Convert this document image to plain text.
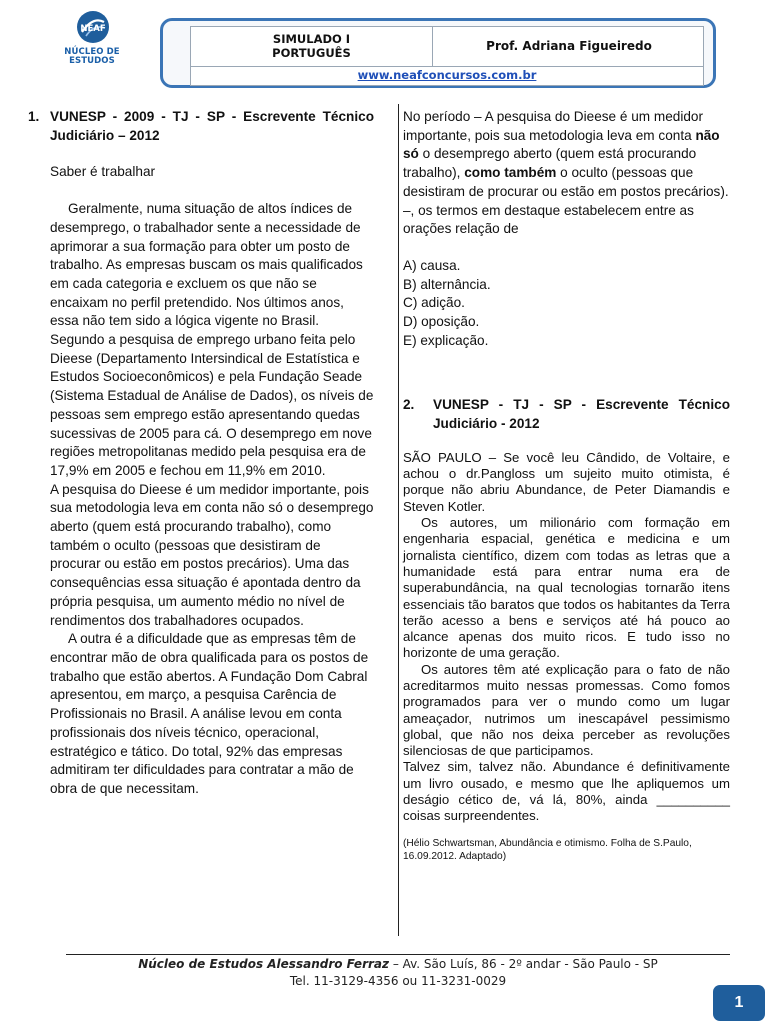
NEAF
NÚCLEO DE
ESTUDOS
SIMULADO I
PORTUGUÊS	Prof. Adriana Figueiredo
www.neafconcursos.com.br
1. VUNESP - 2009 - TJ - SP - Escrevente Técnico Judiciário – 2012

Saber é trabalhar

Geralmente, numa situação de altos índices de desemprego, o trabalhador sente a necessidade de aprimorar a sua formação para obter um posto de trabalho. As empresas buscam os mais qualificados em cada categoria e excluem os que não se encaixam no perfil pretendido. Nos últimos anos, essa não tem sido a lógica vigente no Brasil. Segundo a pesquisa de emprego urbano feita pelo Dieese (Departamento Intersindical de Estatística e Estudos Socioeconômicos) e pela Fundação Seade (Sistema Estadual de Análise de Dados), os níveis de pessoas sem emprego estão apresentando quedas sucessivas de 2005 para cá. O desemprego em nove regiões metropolitanas medido pela pesquisa era de 17,9% em 2005 e fechou em 11,9% em 2010.

A pesquisa do Dieese é um medidor importante, pois sua metodologia leva em conta não só o desemprego aberto (quem está procurando trabalho), como também o oculto (pessoas que desistiram de procurar ou estão em postos precários). Uma das consequências essa situação é apontada dentro da própria pesquisa, um aumento médio no nível de rendimentos dos trabalhadores ocupados.

A outra é a dificuldade que as empresas têm de encontrar mão de obra qualificada para os postos de trabalho que estão abertos. A Fundação Dom Cabral apresentou, em março, a pesquisa Carência de Profissionais no Brasil. A análise levou em conta profissionais dos níveis técnico, operacional, estratégico e tático. Do total, 92% das empresas admitiram ter dificuldades para contratar a mão de obra de que necessitam.

No período – A pesquisa do Dieese é um medidor importante, pois sua metodologia leva em conta não só o desemprego aberto (quem está procurando trabalho), como também o oculto (pessoas que desistiram de procurar ou estão em postos precários). –, os termos em destaque estabelecem entre as orações relação de

A) causa.

B) alternância.

C) adição.

D) oposição.

E) explicação.

2.	VUNESP - TJ - SP - Escrevente Técnico Judiciário - 2012

SÃO PAULO – Se você leu Cândido, de Voltaire, e achou o dr.Pangloss um sujeito muito otimista, é porque não abriu Abundance, de Peter Diamandis e Steven Kotler.

Os autores, um milionário com formação em engenharia espacial, genética e medicina e um jornalista científico, dizem com todas as letras que a humanidade está para entrar numa era de superabundância, na qual tecnologias tornarão itens essenciais tão baratos que todos os habitantes da Terra terão acesso a bens e serviços até há pouco ao alcance apenas dos muito ricos. E tudo isso no horizonte de uma geração.

Os autores têm até explicação para o fato de não acreditarmos muito nessas promessas. Como fomos programados para ver o mundo como um lugar ameaçador, nutrimos um inescapável pessimismo global, que não nos deixa perceber as revoluções silenciosas de que participamos.

Talvez sim, talvez não. Abundance é definitivamente um livro ousado, e mesmo que lhe apliquemos um deságio cético de, vá lá, 80%, ainda __________ coisas surpreendentes.

(Hélio Schwartsman, Abundância e otimismo. Folha de S.Paulo, 16.09.2012. Adaptado)

Núcleo de Estudos Alessandro Ferraz – Av. São Luís, 86 - 2º andar - São Paulo - SP
Tel. 11-3129-4356 ou 11-3231-0029
1
